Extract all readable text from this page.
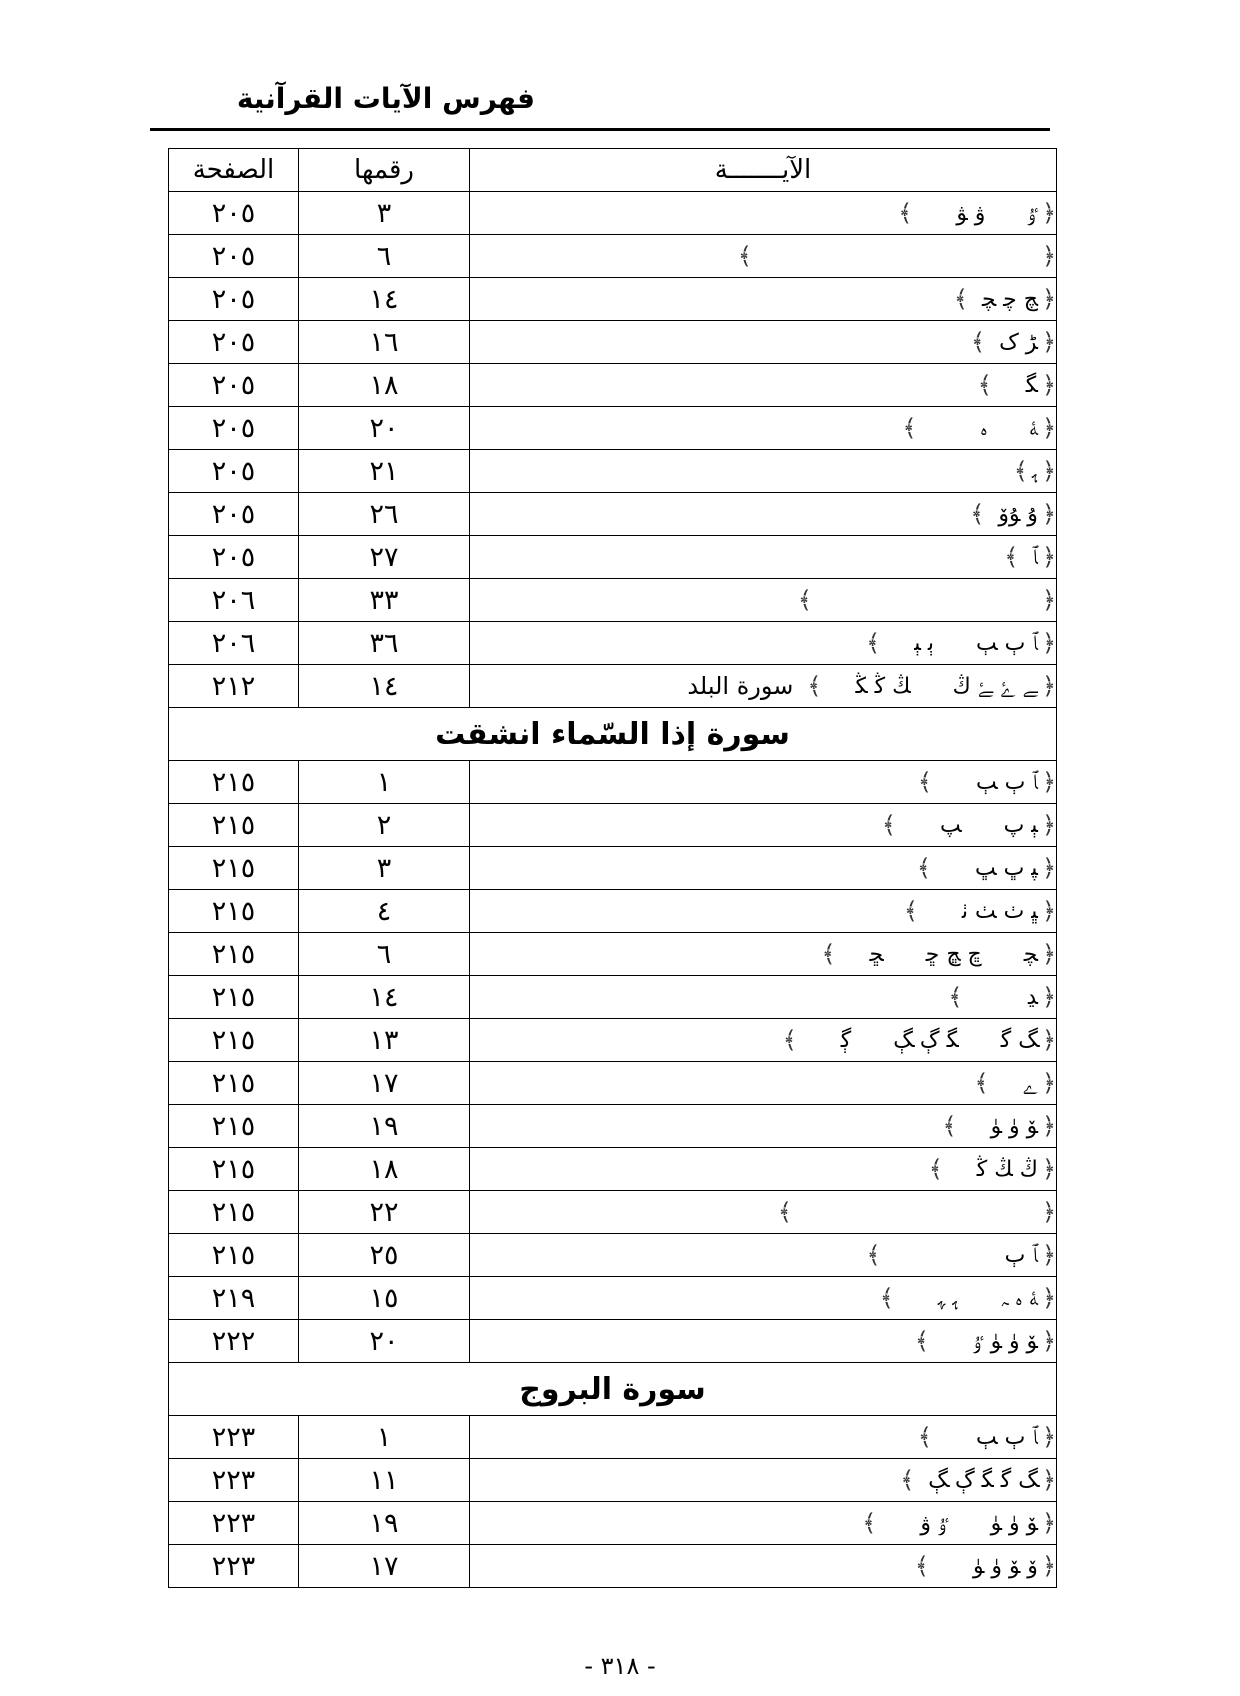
فهرس الآيات القرآنية
الآيـــــــة	رقمها	الصفحة

﴿
ﯝ
ﯞ ﯟ
﴾	٣	٢٠٥

﴿
﴾	٦	٢٠٥

﴿
ﭻ ﭼ ﭽ
﴾	١٤	٢٠٥

﴿
ﮍ ﮎ
﴾	١٦	٢٠٥

﴿
ﮕ
﴾	١٨	٢٠٥

﴿
ﮥ
ﮦ
﴾	٢٠	٢٠٥

﴿
ﮨ
﴾	٢١	٢٠٥

﴿
ﯗ ﯘﯙ
﴾	٢٦	٢٠٥

﴿
ﭑ
﴾	٢٧	٢٠٥

﴿
﴾	٣٣	٢٠٦

﴿
ﭑ ﭒ ﭓ
ﭔ ﭕ
﴾	٣٦	٢٠٦

﴿
ﮯ ﮰ ﮱ ﯓ
ﯔ ﯕ ﯖ
﴾
سورة البلد	١٤	٢١٢
سورة إذا السّماء انشقت		

﴿
ﭑ ﭒ ﭓ
﴾	١	٢١٥

﴿
ﭕ ﭖ
ﭗ
﴾	٢	٢١٥

﴿
ﭙ ﭚ ﭛ
﴾	٣	٢١٥

﴿
ﭝ ﭞ ﭟ ﭠ
﴾	٤	٢١٥

﴿
ﭽ
ﭾ ﭿ ﮀ
ﮁ
﴾	٦	٢١٥

﴿
ﮃ
﴾	١٤	٢١٥

﴿
ﮓ ﮔ
ﮕ ﮖ ﮗ
ﮘ
﴾	١٣	٢١٥

﴿
ﮮ
﴾	١٧	٢١٥

﴿
ﯚ ﯛ ﯜ
﴾	١٩	٢١٥

﴿
ﯓ ﯔ ﯕ
﴾	١٨	٢١٥

﴿
﴾	٢٢	٢١٥

﴿
ﭑ ﭒ
﴾	٢٥	٢١٥

﴿
ﮥ ﮦ ﮧ
ﮨ ﮩ
﴾	١٥	٢١٩

﴿
ﯚ ﯛ ﯜ ﯝ
﴾	٢٠	٢٢٢
سورة البروج		

﴿
ﭑ ﭒ ﭓ
﴾	١	٢٢٣

﴿
ﮓ ﮔ ﮕ ﮖ ﮗ
﴾	١١	٢٢٣

﴿
ﯚ ﯛ ﯜ
ﯝ ﯞ
﴾	١٩	٢٢٣

﴿
ﯙ ﯚ ﯛ ﯜ
﴾	١٧	٢٢٣
- ٣١٨ -
